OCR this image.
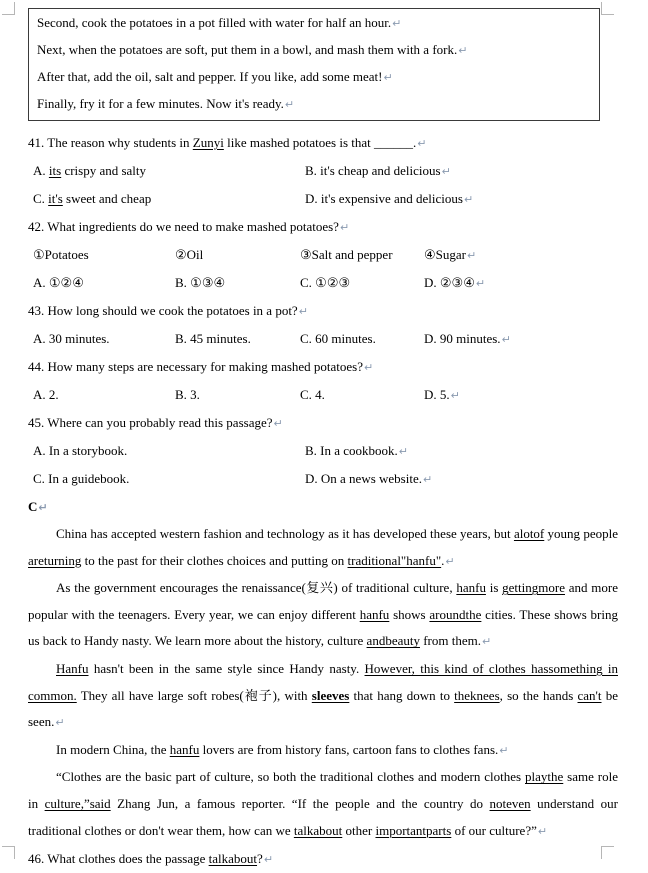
Second, cook the potatoes in a pot filled with water for half an hour.↵
Next, when the potatoes are soft, put them in a bowl, and mash them with a fork.↵
After that, add the oil, salt and pepper. If you like, add some meat!↵
Finally, fry it for a few minutes. Now it's ready.↵
41. The reason why students in Zunyi like mashed potatoes is that ______.↵
A. its crispy and salty	B. it's cheap and delicious↵
C. it's sweet and cheap	D. it's expensive and delicious↵
42. What ingredients do we need to make mashed potatoes?↵
①Potatoes	②Oil	③Salt and pepper	④Sugar↵
A. ①②④	B. ①③④	C. ①②③	D. ②③④↵
43. How long should we cook the potatoes in a pot?↵
A. 30 minutes.	B. 45 minutes.	C. 60 minutes.	D. 90 minutes.↵
44. How many steps are necessary for making mashed potatoes?↵
A. 2.	B. 3.	C. 4.	D. 5.↵
45. Where can you probably read this passage?↵
A. In a storybook.	B. In a cookbook.↵
C. In a guidebook.	D. On a news website.↵
C↵
China has accepted western fashion and technology as it has developed these years, but alotof young people areturning to the past for their clothes choices and putting on traditional"hanfu".↵
As the government encourages the renaissance(复兴) of traditional culture, hanfu is gettingmore and more popular with the teenagers. Every year, we can enjoy different hanfu shows aroundthe cities. These shows bring us back to Handy nasty. We learn more about the history, culture andbeauty from them.↵
Hanfu hasn't been in the same style since Handy nasty. However, this kind of clothes hassomething in common. They all have large soft robes(袍子), with sleeves that hang down to theknees, so the hands can't be seen.↵
In modern China, the hanfu lovers are from history fans, cartoon fans to clothes fans.↵
“Clothes are the basic part of culture, so both the traditional clothes and modern clothes playthe same role in culture,”said Zhang Jun, a famous reporter. “If the people and the country do noteven understand our traditional clothes or don't wear them, how can we talkabout other importantparts of our culture?”↵
46. What clothes does the passage talkabout?↵
